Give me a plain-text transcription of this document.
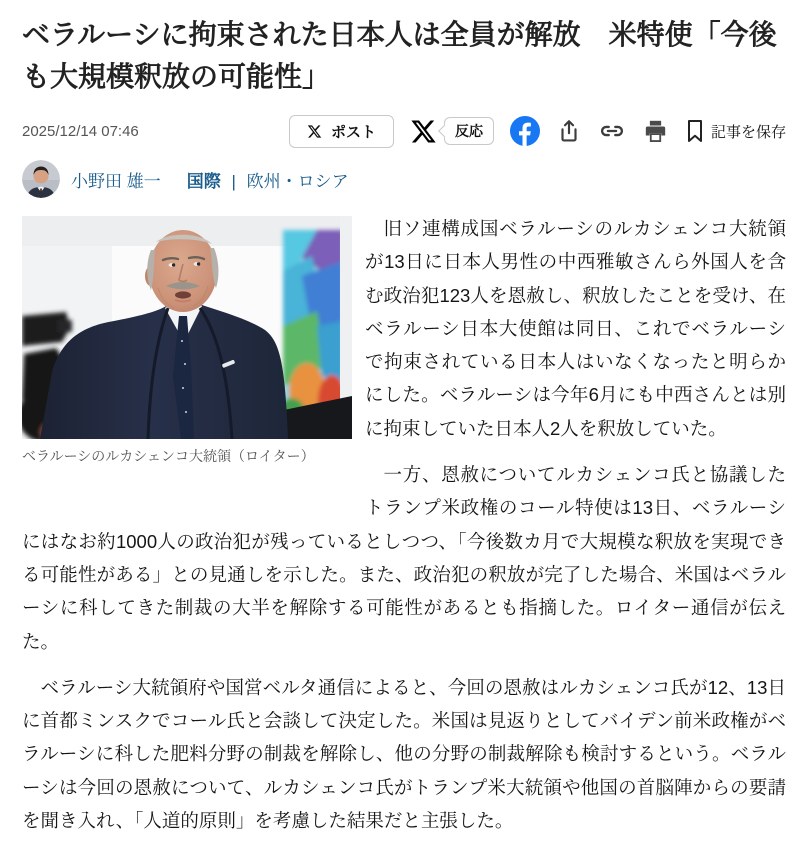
ベラルーシに拘束された日本人は全員が解放　米特使「今後も大規模釈放の可能性」
2025/12/14 07:46	ポスト	反応	記事を保存
小野田 雄一 国際 | 欧州・ロシア
ベラルーシのルカシェンコ大統領（ロイター）

旧ソ連構成国ベラルーシのルカシェンコ大統領が13日に日本人男性の中西雅敏さんら外国人を含む政治犯123人を恩赦し、釈放したことを受け、在ベラルーシ日本大使館は同日、これでベラルーシで拘束されている日本人はいなくなったと明らかにした。ベラルーシは今年6月にも中西さんとは別に拘束していた日本人2人を釈放していた。

一方、恩赦についてルカシェンコ氏と協議したトランプ米政権のコール特使は13日、ベラルーシにはなお約1000人の政治犯が残っているとしつつ、「今後数カ月で大規模な釈放を実現できる可能性がある」との見通しを示した。また、政治犯の釈放が完了した場合、米国はベラルーシに科してきた制裁の大半を解除する可能性があるとも指摘した。ロイター通信が伝えた。

ベラルーシ大統領府や国営ベルタ通信によると、今回の恩赦はルカシェンコ氏が12、13日に首都ミンスクでコール氏と会談して決定した。米国は見返りとしてバイデン前米政権がベラルーシに科した肥料分野の制裁を解除し、他の分野の制裁解除も検討するという。ベラルーシは今回の恩赦について、ルカシェンコ氏がトランプ米大統領や他国の首脳陣からの要請を聞き入れ、「人道的原則」を考慮した結果だと主張した。
